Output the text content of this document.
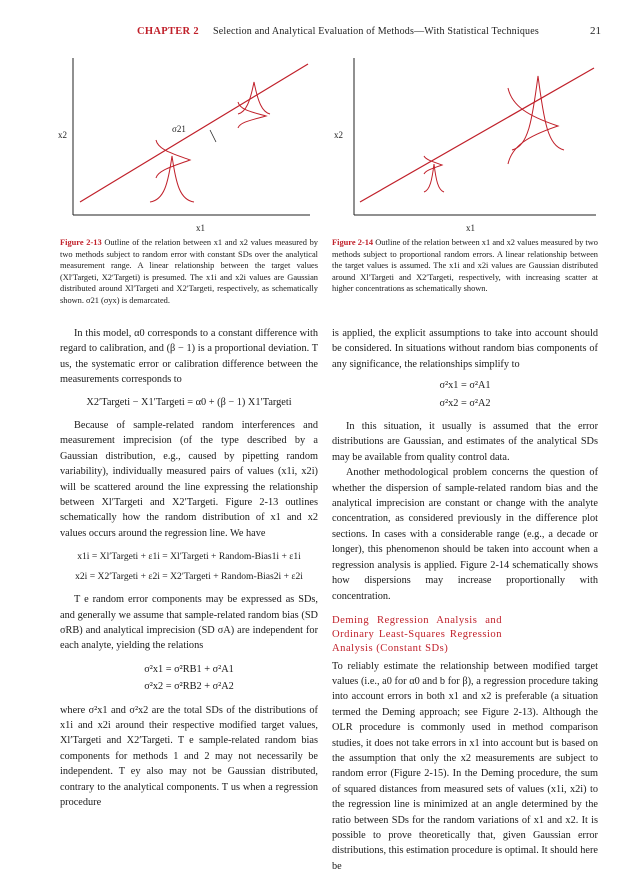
CHAPTER 2 Selection and Analytical Evaluation of Methods—With Statistical Techniques	21
σ21
x2
x1
Figure 2-13 Outline of the relation between x1 and x2 values measured by two methods subject to random error with constant SDs over the analytical measurement range. A linear relationship between the target values (Xl′Targeti, X2′Targeti) is presumed. The x1i and x2i values are Gaussian distributed around Xl′Targeti and X2′Targeti, respectively, as schematically shown. σ21 (σyx) is demarcated.
x2
x1
Figure 2-14 Outline of the relation between x1 and x2 values measured by two methods subject to proportional random errors. A linear relationship between the target values is assumed. The x1i and x2i values are Gaussian distributed around Xl′Targeti and X2′Targeti, respectively, with increasing scatter at higher concentrations as schematically shown.

In this model, α0 corresponds to a constant difference with regard to calibration, and (β − 1) is a proportional deviation. T us, the systematic error or calibration difference between the measurements corresponds to

X2′Targeti − X1′Targeti = α0 + (β − 1) X1′Targeti

Because of sample-related random interferences and measurement imprecision (of the type described by a Gaussian distribution, e.g., caused by pipetting random variability), individually measured pairs of values (x1i, x2i) will be scattered around the line expressing the relationship between Xl′Targeti and X2′Targeti. Figure 2-13 outlines schematically how the random distribution of x1 and x2 values occurs around the regression line. We have

x1i = Xl′Targeti + ε1i = Xl′Targeti + Random-Bias1i + ε1i

x2i = X2′Targeti + ε2i = X2′Targeti + Random-Bias2i + ε2i

T e random error components may be expressed as SDs, and generally we assume that sample-related random bias (SD σRB) and analytical imprecision (SD σA) are independent for each analyte, yielding the relations

σ²x1 = σ²RB1 + σ²A1

σ²x2 = σ²RB2 + σ²A2

where σ²x1 and σ²x2 are the total SDs of the distributions of x1i and x2i around their respective modified target values, Xl′Targeti and X2′Targeti. T e sample-related random bias components for methods 1 and 2 may not necessarily be independent. T ey also may not be Gaussian distributed, contrary to the analytical components. T us when a regression procedure

is applied, the explicit assumptions to take into account should be considered. In situations without random bias components of any significance, the relationships simplify to

σ²x1 = σ²A1

σ²x2 = σ²A2

In this situation, it usually is assumed that the error distributions are Gaussian, and estimates of the analytical SDs may be available from quality control data.

Another methodological problem concerns the question of whether the dispersion of sample-related random bias and the analytical imprecision are constant or change with the analyte concentration, as considered previously in the difference plot sections. In cases with a considerable range (e.g., a decade or longer), this phenomenon should be taken into account when a regression analysis is applied. Figure 2-14 schematically shows how dispersions may increase proportionally with concentration.

Deming Regression Analysis and Ordinary Least-Squares Regression Analysis (Constant SDs)

To reliably estimate the relationship between modified target values (i.e., a0 for α0 and b for β), a regression procedure taking into account errors in both x1 and x2 is preferable (a situation termed the Deming approach; see Figure 2-13). Although the OLR procedure is commonly used in method comparison studies, it does not take errors in x1 into account but is based on the assumption that only the x2 measurements are subject to random error (Figure 2-15). In the Deming procedure, the sum of squared distances from measured sets of values (x1i, x2i) to the regression line is minimized at an angle determined by the ratio between SDs for the random variations of x1 and x2. It is possible to prove theoretically that, given Gaussian error distributions, this estimation procedure is optimal. It should here be
